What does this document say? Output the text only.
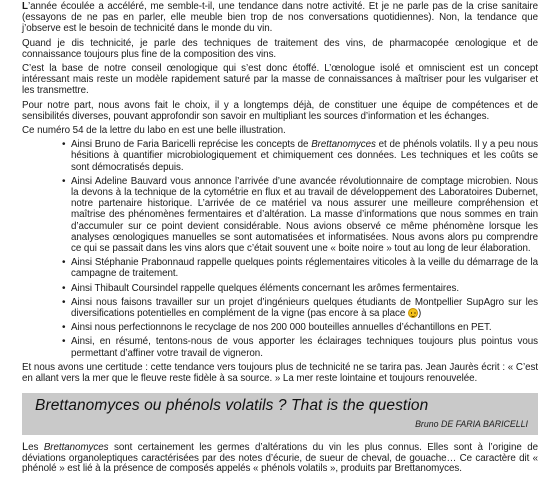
L’année écoulée a accéléré, me semble-t-il, une tendance dans notre activité. Et je ne parle pas de la crise sanitaire (essayons de ne pas en parler, elle meuble bien trop de nos conversations quotidiennes). Non, la tendance que j’observe est le besoin de technicité dans le monde du vin.

Quand je dis technicité, je parle des techniques de traitement des vins, de pharmacopée œnologique et de connaissance toujours plus fine de la composition des vins.

C’est la base de notre conseil œnologique qui s’est donc étoffé. L’œnologue isolé et omniscient est un concept intéressant mais reste un modèle rapidement saturé par la masse de connaissances à maîtriser pour les vulgariser et les transmettre.

Pour notre part, nous avons fait le choix, il y a longtemps déjà, de constituer une équipe de compétences et de sensibilités diverses, pouvant approfondir son savoir en multipliant les sources d’information et les échanges.

Ce numéro 54 de la lettre du labo en est une belle illustration.

• Ainsi Bruno de Faria Baricelli reprécise les concepts de Brettanomyces et de phénols volatils. Il y a peu nous hésitions à quantifier microbiologiquement et chimiquement ces données. Les techniques et les coûts se sont démocratisés depuis.
• Ainsi Adeline Bauvard vous annonce l’arrivée d’une avancée révolutionnaire de comptage microbien. Nous la devons à la technique de la cytométrie en flux et au travail de développement des Laboratoires Dubernet, notre partenaire historique. L’arrivée de ce matériel va nous assurer une meilleure compréhension et maîtrise des phénomènes fermentaires et d’altération. La masse d’informations que nous sommes en train d’accumuler sur ce point devient considérable. Nous avions observé ce même phénomène lorsque les analyses œnologiques manuelles se sont automatisées et informatisées. Nous avons alors pu comprendre ce qui se passait dans les vins alors que c’était souvent une « boite noire » tout au long de leur élaboration.
• Ainsi Stéphanie Prabonnaud rappelle quelques points réglementaires viticoles à la veille du démarrage de la campagne de traitement.
• Ainsi Thibault Coursindel rappelle quelques éléments concernant les arômes fermentaires.
• Ainsi nous faisons travailler sur un projet d’ingénieurs quelques étudiants de Montpellier SupAgro sur les diversifications potentielles en complément de la vigne (pas encore à sa place )
• Ainsi nous perfectionnons le recyclage de nos 200 000 bouteilles annuelles d’échantillons en PET.
• Ainsi, en résumé, tentons-nous de vous apporter les éclairages techniques toujours plus pointus vous permettant d’affiner votre travail de vigneron.

Et nous avons une certitude : cette tendance vers toujours plus de technicité ne se tarira pas. Jean Jaurès écrit : « C’est en allant vers la mer que le fleuve reste fidèle à sa source. » La mer reste lointaine et toujours renouvelée.

Brettanomyces ou phénols volatils ? That is the question
Bruno DE FARIA BARICELLI

Les Brettanomyces sont certainement les germes d’altérations du vin les plus connus. Elles sont à l’origine de déviations organoleptiques caractérisées par des notes d’écurie, de sueur de cheval, de gouache… Ce caractère dit « phénolé » est lié à la présence de composés appelés « phénols volatils », produits par Brettanomyces.
